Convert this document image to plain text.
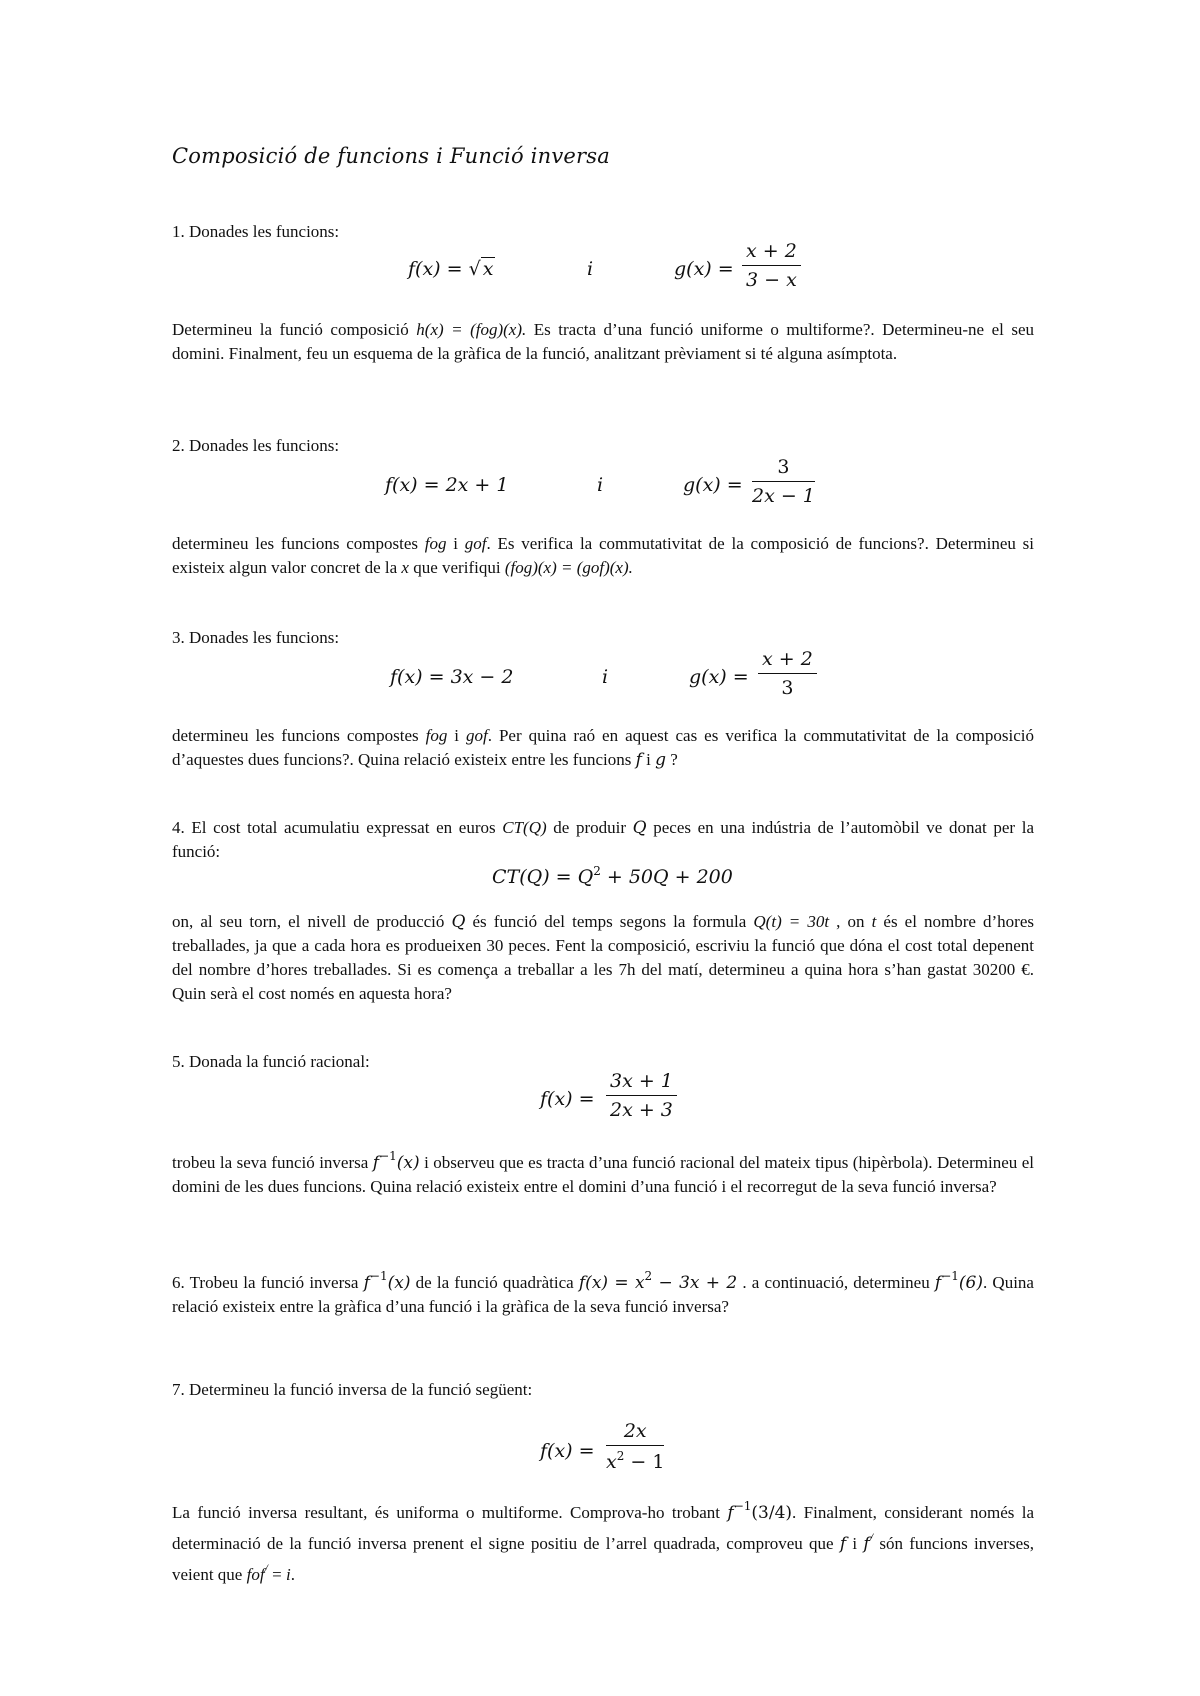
Composició de funcions i Funció inversa
1. Donades les funcions:
f(x) = √ x	i	$g(x) = \frac{x + 2}{3 - x}$
Determineu la funció composició h(x) = (fog)(x). Es tracta d’una funció uniforme o multiforme?. Determineu-ne el seu domini. Finalment, feu un esquema de la gràfica de la funció, analitzant prèviament si té alguna asímptota.
2. Donades les funcions:
f(x) = 2x + 1	i	$g(x) = \frac{3}{2x - 1}$
determineu les funcions compostes fog i gof. Es verifica la commutativitat de la composició de funcions?. Determineu si existeix algun valor concret de la x que verifiqui (fog)(x) = (gof)(x).
3. Donades les funcions:
f(x) = 3x − 2	i	$g(x) = \frac{x + 2}{3}$
determineu les funcions compostes fog i gof. Per quina raó en aquest cas es verifica la commutativitat de la composició d’aquestes dues funcions?. Quina relació existeix entre les funcions f i g ?
4. El cost total acumulatiu expressat en euros CT(Q) de produir Q peces en una indústria de l’automòbil ve donat per la funció:
$CT(Q) = Q^2 + 50Q + 200$
on, al seu torn, el nivell de producció Q és funció del temps segons la formula Q(t) = 30t , on t és el nombre d’hores treballades, ja que a cada hora es produeixen 30 peces. Fent la composició, escriviu la funció que dóna el cost total depenent del nombre d’hores treballades. Si es comença a treballar a les 7h del matí, determineu a quina hora s’han gastat 30200 €. Quin serà el cost només en aquesta hora?
5. Donada la funció racional:
$f(x) = \frac{3x + 1}{2x + 3}$
trobeu la seva funció inversa $f^{-1}(x)$ i observeu que es tracta d’una funció racional del mateix tipus (hipèrbola). Determineu el domini de les dues funcions. Quina relació existeix entre el domini d’una funció i el recorregut de la seva funció inversa?
6. Trobeu la funció inversa $f^{-1}(x)$ de la funció quadràtica $f(x) = x^2 - 3x + 2$ . a continuació, determineu $f^{-1}(6)$. Quina relació existeix entre la gràfica d’una funció i la gràfica de la seva funció inversa?
7. Determineu la funció inversa de la funció següent:
$f(x) = \frac{2x}{x^2 - 1}$
La funció inversa resultant, és uniforma o multiforme. Comprova-ho trobant $f^{-1}(3/4)$. Finalment, considerant només la determinació de la funció inversa prenent el signe positiu de l’arrel quadrada, comproveu que f i f/ són funcions inverses, veient que fof/ = i.
